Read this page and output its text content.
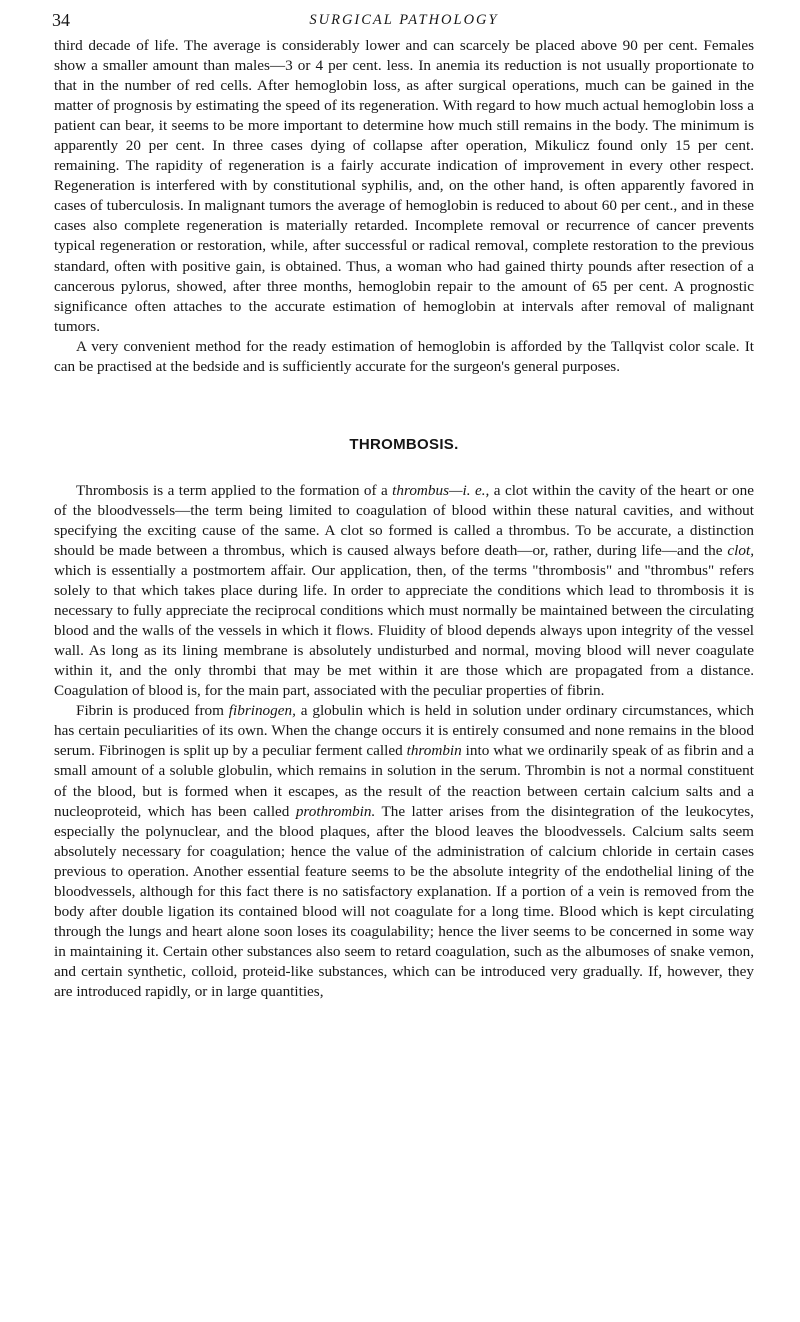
34	SURGICAL PATHOLOGY

third decade of life. The average is considerably lower and can scarcely be placed above 90 per cent. Females show a smaller amount than males—3 or 4 per cent. less. In anemia its reduction is not usually proportionate to that in the number of red cells. After hemoglobin loss, as after surgical operations, much can be gained in the matter of prognosis by estimating the speed of its regeneration. With regard to how much actual hemoglobin loss a patient can bear, it seems to be more important to determine how much still remains in the body. The minimum is apparently 20 per cent. In three cases dying of collapse after operation, Mikulicz found only 15 per cent. remaining. The rapidity of regeneration is a fairly accurate indication of improvement in every other respect. Regeneration is interfered with by constitutional syphilis, and, on the other hand, is often apparently favored in cases of tuberculosis. In malignant tumors the average of hemoglobin is reduced to about 60 per cent., and in these cases also complete regeneration is materially retarded. Incomplete removal or recurrence of cancer prevents typical regeneration or restoration, while, after successful or radical removal, complete restoration to the previous standard, often with positive gain, is obtained. Thus, a woman who had gained thirty pounds after resection of a cancerous pylorus, showed, after three months, hemoglobin repair to the amount of 65 per cent. A prognostic significance often attaches to the accurate estimation of hemoglobin at intervals after removal of malignant tumors.

A very convenient method for the ready estimation of hemoglobin is afforded by the Tallqvist color scale. It can be practised at the bedside and is sufficiently accurate for the surgeon's general purposes.

THROMBOSIS.

Thrombosis is a term applied to the formation of a thrombus—i. e., a clot within the cavity of the heart or one of the bloodvessels—the term being limited to coagulation of blood within these natural cavities, and without specifying the exciting cause of the same. A clot so formed is called a thrombus. To be accurate, a distinction should be made between a thrombus, which is caused always before death—or, rather, during life—and the clot, which is essentially a postmortem affair. Our application, then, of the terms "thrombosis" and "thrombus" refers solely to that which takes place during life. In order to appreciate the conditions which lead to thrombosis it is necessary to fully appreciate the reciprocal conditions which must normally be maintained between the circulating blood and the walls of the vessels in which it flows. Fluidity of blood depends always upon integrity of the vessel wall. As long as its lining membrane is absolutely undisturbed and normal, moving blood will never coagulate within it, and the only thrombi that may be met within it are those which are propagated from a distance. Coagulation of blood is, for the main part, associated with the peculiar properties of fibrin.

Fibrin is produced from fibrinogen, a globulin which is held in solution under ordinary circumstances, which has certain peculiarities of its own. When the change occurs it is entirely consumed and none remains in the blood serum. Fibrinogen is split up by a peculiar ferment called thrombin into what we ordinarily speak of as fibrin and a small amount of a soluble globulin, which remains in solution in the serum. Thrombin is not a normal constituent of the blood, but is formed when it escapes, as the result of the reaction between certain calcium salts and a nucleoproteid, which has been called prothrombin. The latter arises from the disintegration of the leukocytes, especially the polynuclear, and the blood plaques, after the blood leaves the bloodvessels. Calcium salts seem absolutely necessary for coagulation; hence the value of the administration of calcium chloride in certain cases previous to operation. Another essential feature seems to be the absolute integrity of the endothelial lining of the bloodvessels, although for this fact there is no satisfactory explanation. If a portion of a vein is removed from the body after double ligation its contained blood will not coagulate for a long time. Blood which is kept circulating through the lungs and heart alone soon loses its coagulability; hence the liver seems to be concerned in some way in maintaining it. Certain other substances also seem to retard coagulation, such as the albumoses of snake vemon, and certain synthetic, colloid, proteid-like substances, which can be introduced very gradually. If, however, they are introduced rapidly, or in large quantities,
